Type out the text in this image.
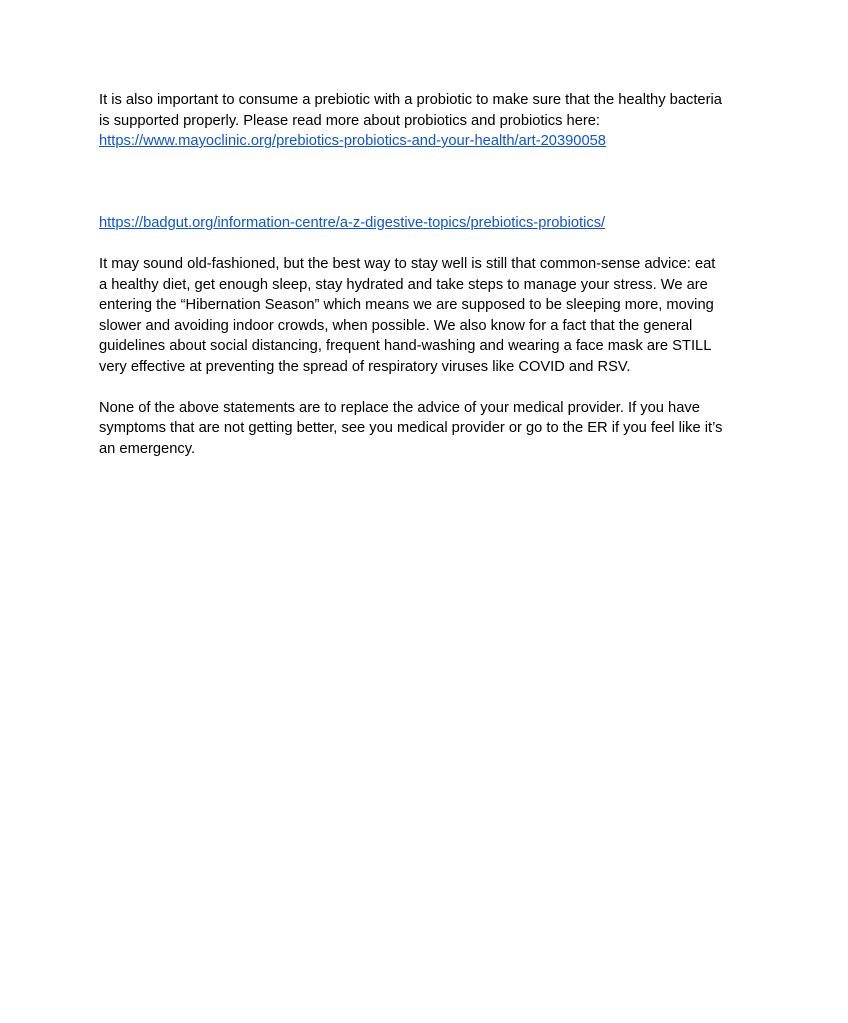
It is also important to consume a prebiotic with a probiotic to make sure that the healthy bacteria
is supported properly. Please read more about probiotics and probiotics here:
https://www.mayoclinic.org/prebiotics-probiotics-and-your-health/art-20390058

https://badgut.org/information-centre/a-z-digestive-topics/prebiotics-probiotics/
It may sound old-fashioned, but the best way to stay well is still that common-sense advice: eat
a healthy diet, get enough sleep, stay hydrated and take steps to manage your stress. We are
entering the “Hibernation Season” which means we are supposed to be sleeping more, moving
slower and avoiding indoor crowds, when possible. We also know for a fact that the general
guidelines about social distancing, frequent hand-washing and wearing a face mask are STILL
very effective at preventing the spread of respiratory viruses like COVID and RSV.
None of the above statements are to replace the advice of your medical provider. If you have
symptoms that are not getting better, see you medical provider or go to the ER if you feel like it’s
an emergency.
